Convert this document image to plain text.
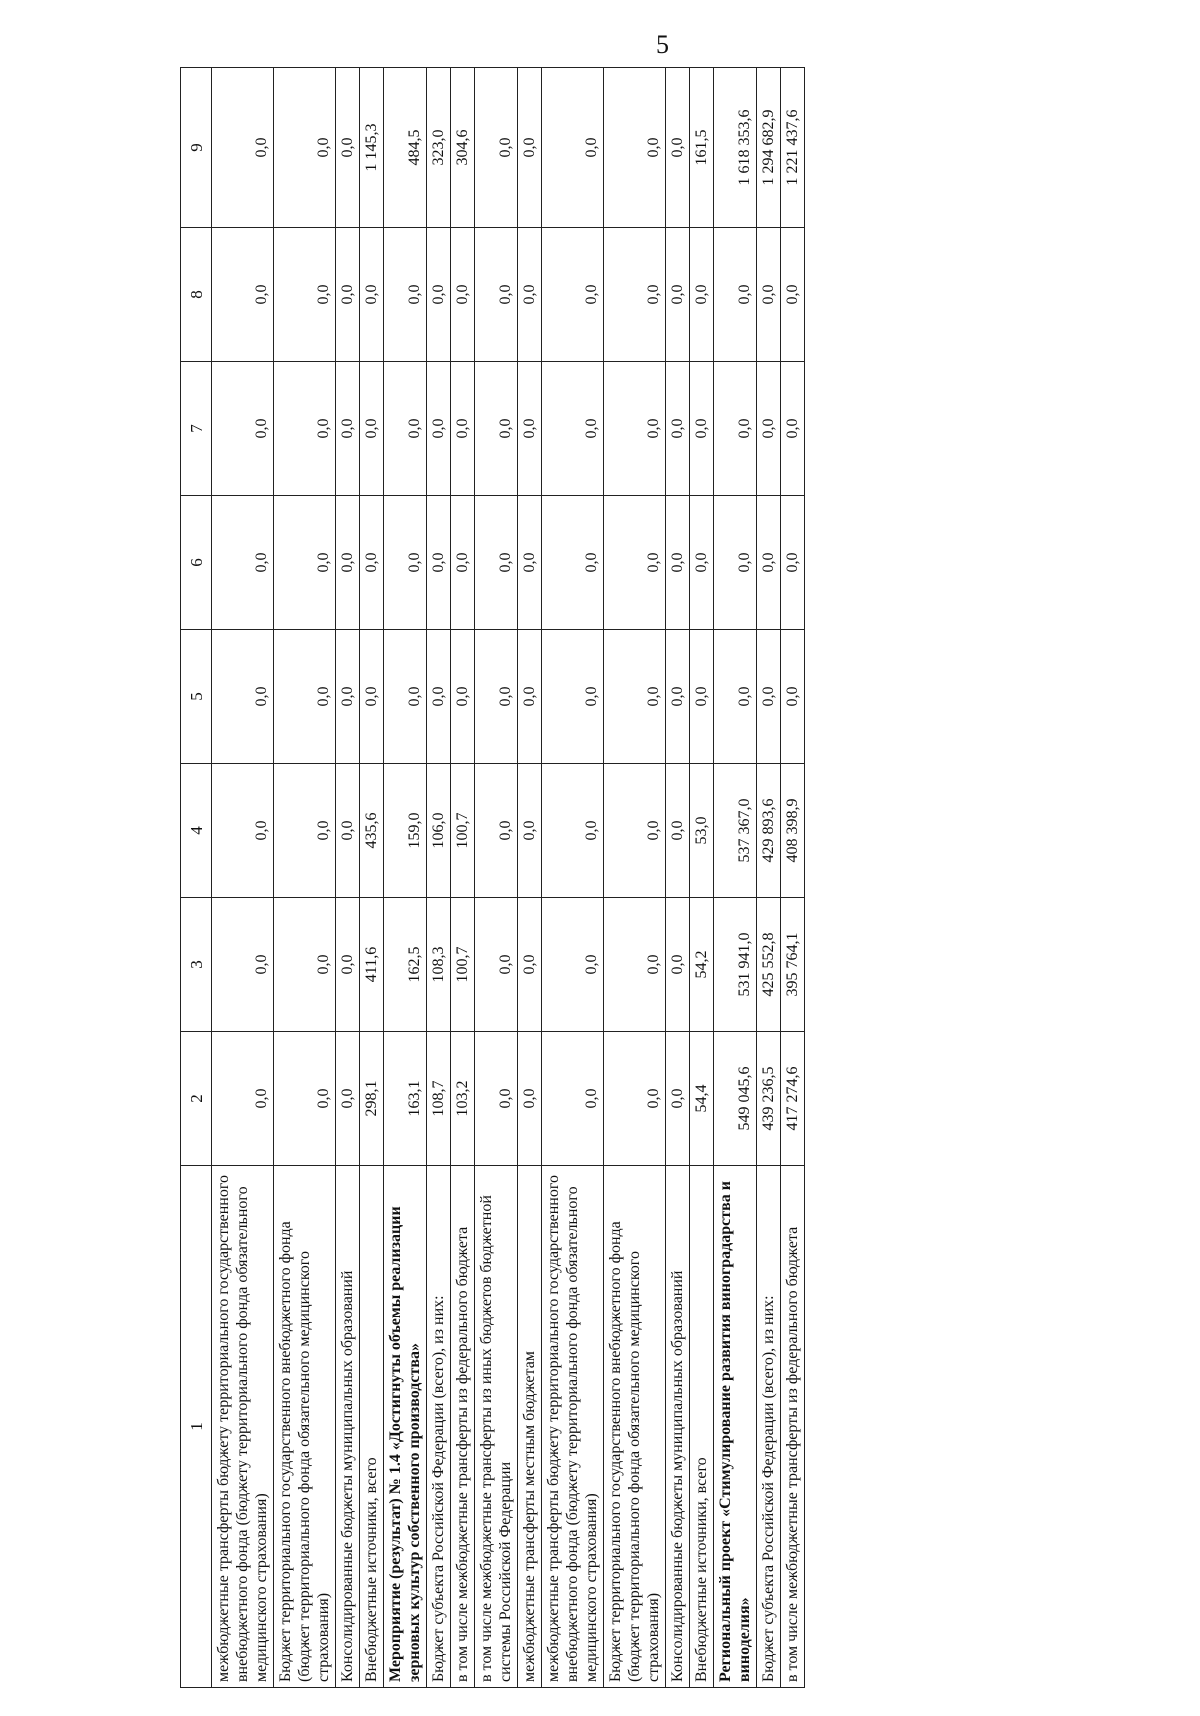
5
1	2	3	4	5	6	7	8	9
межбюджетные трансферты бюджету территориального государственного внебюджетного фонда (бюджету территориального фонда обязательного медицинского страхования)	0,0	0,0	0,0	0,0	0,0	0,0	0,0	0,0
Бюджет территориального государственного внебюджетного фонда (бюджет территориального фонда обязательного медицинского страхования)	0,0	0,0	0,0	0,0	0,0	0,0	0,0	0,0
Консолидированные бюджеты муниципальных образований	0,0	0,0	0,0	0,0	0,0	0,0	0,0	0,0
Внебюджетные источники, всего	298,1	411,6	435,6	0,0	0,0	0,0	0,0	1 145,3
Мероприятие (результат) № 1.4 «Достигнуты объемы реализации зерновых культур собственного производства»	163,1	162,5	159,0	0,0	0,0	0,0	0,0	484,5
Бюджет субъекта Российской Федерации (всего), из них:	108,7	108,3	106,0	0,0	0,0	0,0	0,0	323,0
в том числе межбюджетные трансферты из федерального бюджета	103,2	100,7	100,7	0,0	0,0	0,0	0,0	304,6
в том числе межбюджетные трансферты из иных бюджетов бюджетной системы Российской Федерации	0,0	0,0	0,0	0,0	0,0	0,0	0,0	0,0
межбюджетные трансферты местным бюджетам	0,0	0,0	0,0	0,0	0,0	0,0	0,0	0,0
межбюджетные трансферты бюджету территориального государственного внебюджетного фонда (бюджету территориального фонда обязательного медицинского страхования)	0,0	0,0	0,0	0,0	0,0	0,0	0,0	0,0
Бюджет территориального государственного внебюджетного фонда (бюджет территориального фонда обязательного медицинского страхования)	0,0	0,0	0,0	0,0	0,0	0,0	0,0	0,0
Консолидированные бюджеты муниципальных образований	0,0	0,0	0,0	0,0	0,0	0,0	0,0	0,0
Внебюджетные источники, всего	54,4	54,2	53,0	0,0	0,0	0,0	0,0	161,5
Региональный проект «Стимулирование развития виноградарства и виноделия»	549 045,6	531 941,0	537 367,0	0,0	0,0	0,0	0,0	1 618 353,6
Бюджет субъекта Российской Федерации (всего), из них:	439 236,5	425 552,8	429 893,6	0,0	0,0	0,0	0,0	1 294 682,9
в том числе межбюджетные трансферты из федерального бюджета	417 274,6	395 764,1	408 398,9	0,0	0,0	0,0	0,0	1 221 437,6
